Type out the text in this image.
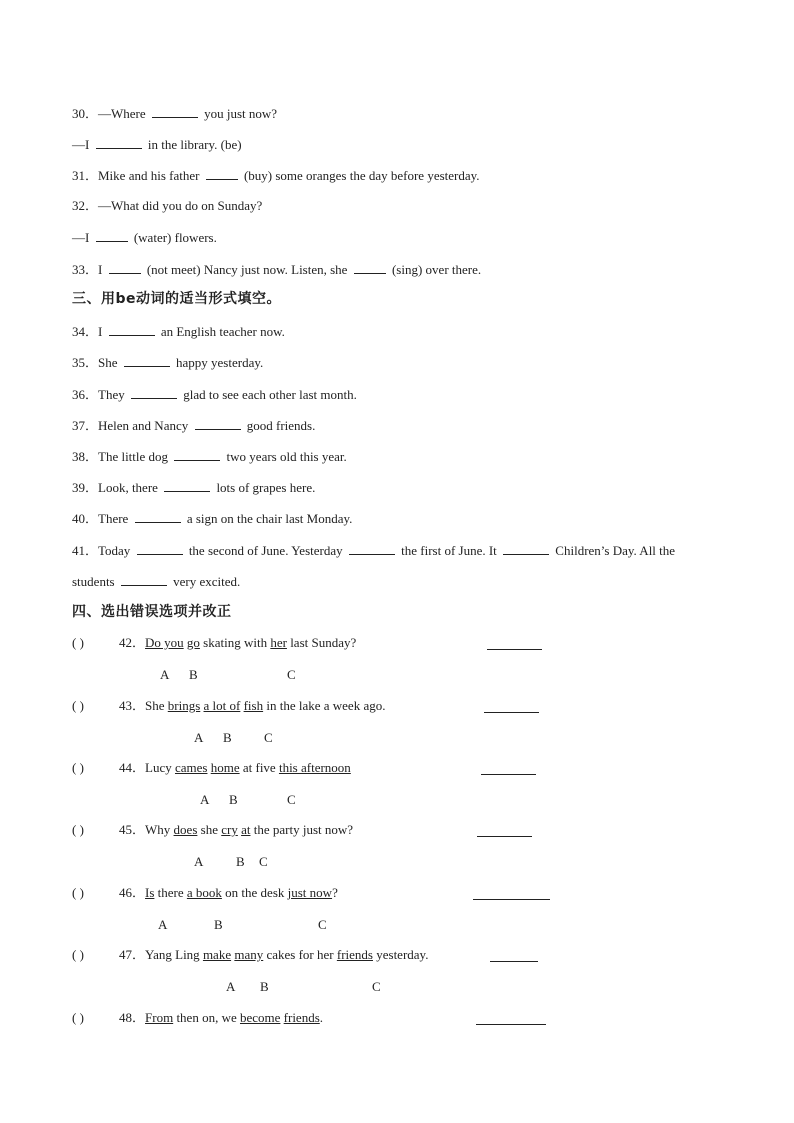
30．—Where	you just now?
—I	in the library. (be)
31．Mike and his father	(buy) some oranges the day before yesterday.
32．—What did you do on Sunday?
—I	(water) flowers.
33．I	(not meet) Nancy just now. Listen, she	(sing) over there.
三、用be动词的适当形式填空。
34．I	an English teacher now.
35．She	happy yesterday.
36．They	glad to see each other last month.
37．Helen and Nancy	good friends.
38．The little dog	two years old this year.
39．Look, there	lots of grapes here.
40．There	a sign on the chair last Monday.
41．Today	the second of June. Yesterday	the first of June. It	Children’s Day. All the
students	very excited.
四、选出错误选项并改正
( )	42．Do you go skating with her last Sunday?
A B	C
( )	43．She brings a lot of fish in the lake a week ago.
A B C
( )	44．Lucy cames home at five this afternoon
A B	C
( )	45．Why does she cry at the party just now?
A	B C
( )	46．Is there a book on the desk just now?
A	B	C
( )	47．Yang Ling make many cakes for her friends yesterday.
A B	C
( )	48．From then on, we become friends.
